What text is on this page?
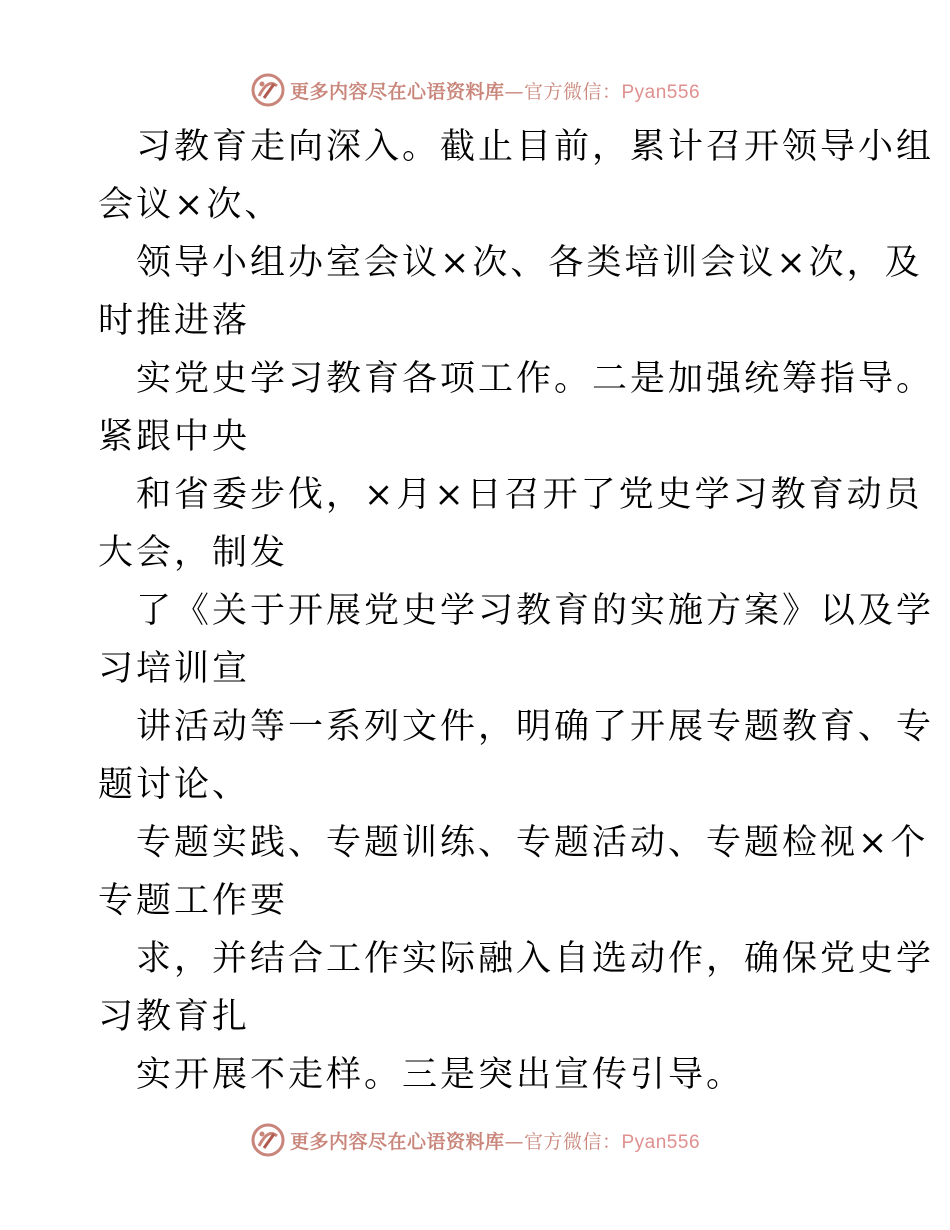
更多内容尽在心语资料库—官方微信：Pyan556

习教育走向深入。截止目前，累计召开领导小组
会议×次、

领导小组办室会议×次、各类培训会议×次，及
时推进落

实党史学习教育各项工作。二是加强统筹指导。
紧跟中央

和省委步伐，×月×日召开了党史学习教育动员
大会，制发

了《关于开展党史学习教育的实施方案》以及学
习培训宣

讲活动等一系列文件，明确了开展专题教育、专
题讨论、

专题实践、专题训练、专题活动、专题检视×个
专题工作要

求，并结合工作实际融入自选动作，确保党史学
习教育扎

实开展不走样。三是突出宣传引导。

更多内容尽在心语资料库—官方微信：Pyan556
